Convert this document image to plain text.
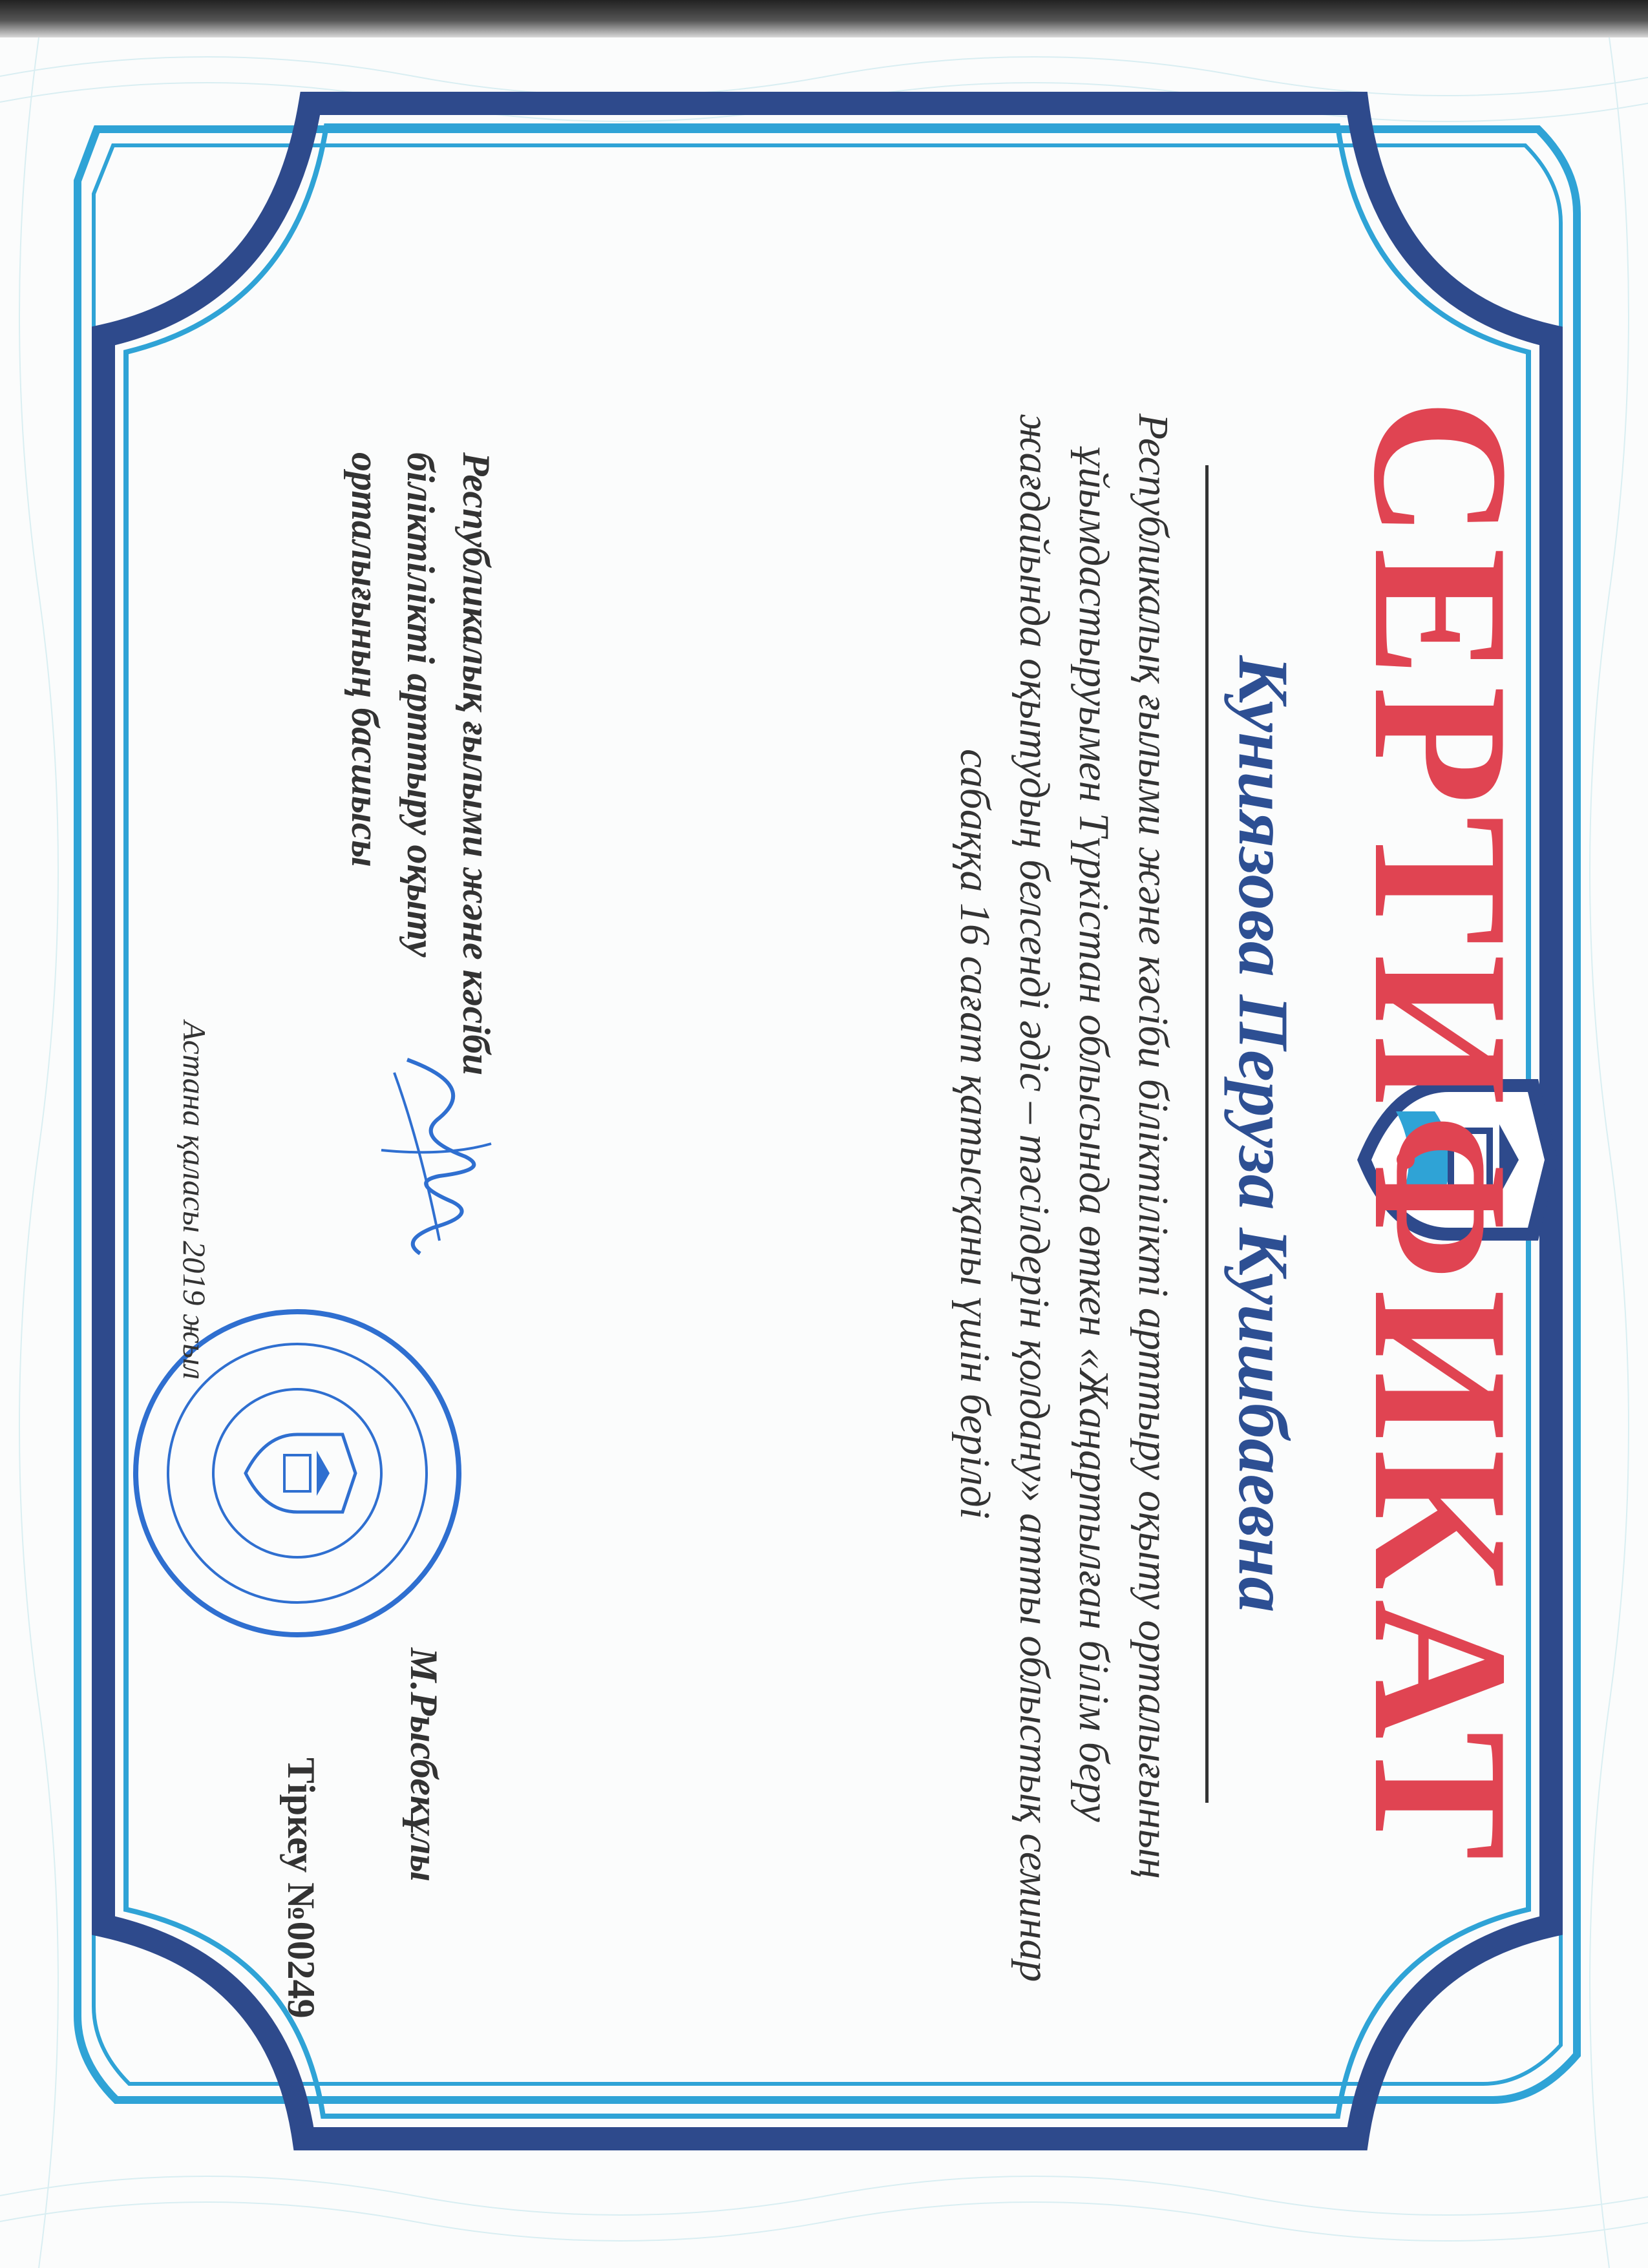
СЕРТИФИКАТ
Куниязова Перуза Куишбаевна
Республикалық ғылыми және кәсіби біліктілікті арттыру оқыту орталығының
ұйымдастыруымен Түркістан облысында өткен «Жаңартылған білім беру
жағдайында оқытудың белсенді әдіс – тәсілдерін қолдану» атты облыстық семинар
сабаққа 16 сағат қатысқаны үшін берілді
Республикалық ғылыми және кәсіби
біліктілікті арттыру оқыту
орталығының басшысы
М.Рысбекұлы
Тіркеу №00249
Астана қаласы 2019 жыл
